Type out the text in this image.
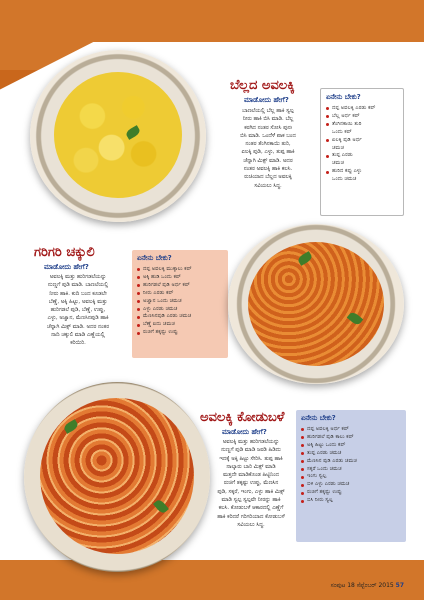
ಬೆಲ್ಲದ ಅವಲಕ್ಕಿ
ಮಾಡೋದು ಹೇಗೆ?
ಬಾಣಲೆಯಲ್ಲಿ ಬೆಲ್ಲ ಹಾಕಿ ಸ್ವಲ್ಪ
ನೀರು ಹಾಕಿ ಬಿಸಿ ಮಾಡಿ. ಬೆಲ್ಲ
ಕರಗಿದ ನಂತರ ಸೋಸಿ ಪುನಃ
ಬಿಸಿ ಮಾಡಿ. ಒಂದೆಳೆ ಪಾಕ ಬಂದ
ನಂತರ ತೆಂಗಿನಕಾಯಿ ತುರಿ,
ಏಲಕ್ಕಿ ಪುಡಿ, ಎಳ್ಳು, ತುಪ್ಪ ಹಾಕಿ
ಚೆನ್ನಾಗಿ ಮಿಕ್ಸ್ ಮಾಡಿ. ಅದರ
ನಂತರ ಅವಲಕ್ಕಿ ಹಾಕಿ ಕಲಸಿ.
ರುಚಿಯಾದ ಬೆಲ್ಲದ ಅವಲಕ್ಕಿ
ಸವಿಯಲು ಸಿದ್ಧ.
ಏನೇನು ಬೇಕು?
ದಪ್ಪ ಅವಲಕ್ಕಿ ಎರಡು ಕಪ್
ಬೆಲ್ಲ ಅರ್ಧ ಕಪ್
ತೆಂಗಿನಕಾಯಿ ತುರಿ
ಒಂದು ಕಪ್
ಏಲಕ್ಕಿ ಪುಡಿ ಅರ್ಧ
ಚಮಚ
ತುಪ್ಪ ಎರಡು
ಚಮಚ
ಹುರಿದ ಕಪ್ಪು ಎಳ್ಳು
ಒಂದು ಚಮಚ
ಗರಿಗರಿ ಚಕ್ಕುಲಿ
ಮಾಡೋದು ಹೇಗೆ?
ಅವಲಕ್ಕಿ ಮತ್ತು ಹುರಿಗಡಲೆಯನ್ನು
ನುಣ್ಣಗೆ ಪುಡಿ ಮಾಡಿ. ಬಾಣಲೆಯಲ್ಲಿ
ನೀರು ಹಾಕಿ. ಕುದಿ ಬಂದ ಕೂಡಲೇ
ಬೆಣ್ಣೆ, ಅಕ್ಕಿ ಹಿಟ್ಟು, ಅವಲಕ್ಕಿ ಮತ್ತು
ಹುರಿಗಡಲೆ ಪುಡಿ, ಬೆಣ್ಣೆ, ಉಪ್ಪು,
ಎಳ್ಳು, ಅಜ್ವಾನ, ಮೆಣಸಿನಪುಡಿ ಹಾಕಿ
ಚೆನ್ನಾಗಿ ಮಿಕ್ಸ್ ಮಾಡಿ. ಅದರ ನಂತರ
ನಾದಿ ಚಕ್ಕುಲಿ ಮಾಡಿ ಎಣ್ಣೆಯಲ್ಲಿ
ಕರಿಯಿರಿ.
ಏನೇನು ಬೇಕು?
ದಪ್ಪ ಅವಲಕ್ಕಿ ಮುಕ್ಕಾಲು ಕಪ್
ಅಕ್ಕಿ ಹುಡಿ ಒಂದು ಕಪ್
ಹುರಿಗಡಲೆ ಪುಡಿ ಅರ್ಧ ಕಪ್
ನೀರು ಎರಡು ಕಪ್
ಅಜ್ವಾನ ಒಂದು ಚಮಚ
ಎಳ್ಳು ಎರಡು ಚಮಚ
ಮೆಣಸಿನಪುಡಿ ಎರಡು ಚಮಚ
ಬೆಣ್ಣೆ ಐದು ಚಮಚ
ರುಚಿಗೆ ತಕ್ಕಷ್ಟು ಉಪ್ಪು
ಅವಲಕ್ಕಿ ಕೋಡುಬಳೆ
ಮಾಡೋದು ಹೇಗೆ?
ಅವಲಕ್ಕಿ ಮತ್ತು ಹುರಿಗಡಲೆಯನ್ನು
ನುಣ್ಣಗೆ ಪುಡಿ ಮಾಡಿ ಜರಡಿ ಹಿಡಿದು
ಇದಕ್ಕೆ ಅಕ್ಕಿ ಹಿಟ್ಟು ಸೇರಿಸಿ. ತುಪ್ಪ ಹಾಕಿ
ನಾಲ್ಕಾರು ಬಾರಿ ಮಿಕ್ಸ್ ಮಾಡಿ
ಮತ್ತದೇ ಮಾಡಿಕೊಂಡ ಹಿಟ್ಟಿನಿಂದ
ರುಚಿಗೆ ತಕ್ಕಷ್ಟು ಉಪ್ಪು, ಮೆಣಸಿನ
ಪುಡಿ, ಸಕ್ಕರೆ, ಇಂಗು, ಎಳ್ಳು ಹಾಕಿ ಮಿಕ್ಸ್
ಮಾಡಿ ಸ್ವಲ್ಪ ಸ್ವಲ್ಪವೇ ನೀರನ್ನು ಹಾಕಿ
ಕಲಸಿ. ಕೋಡುಬಳೆ ಆಕಾರದಲ್ಲಿ ಎಣ್ಣೆಗೆ
ಹಾಕಿ ಕರಿದರೆ ಗರಿಗರಿಯಾದ ಕೋಡುಬಳೆ
ಸವಿಯಲು ಸಿದ್ಧ.
ಏನೇನು ಬೇಕು?
ದಪ್ಪ ಅವಲಕ್ಕಿ ಅರ್ಧ ಕಪ್
ಹುರಿಗಡಲೆ ಪುಡಿ ಕಾಲು ಕಪ್
ಅಕ್ಕಿ ಹಿಟ್ಟು ಒಂದು ಕಪ್
ತುಪ್ಪ ಎರಡು ಚಮಚ
ಮೆಣಸಿನ ಪುಡಿ ಎರಡು ಚಮಚ
ಸಕ್ಕರೆ ಒಂದು ಚಮಚ
ಇಂಗು ಸ್ವಲ್ಪ
ಬಿಳಿ ಎಳ್ಳು ಎರಡು ಚಮಚ
ರುಚಿಗೆ ತಕ್ಕಷ್ಟು ಉಪ್ಪು
ಬಿಸಿ ನೀರು ಸ್ವಲ್ಪ
ಸಂಪುಟ 18 ಸೆಪ್ಟೆಂಬರ್ 2015 57
